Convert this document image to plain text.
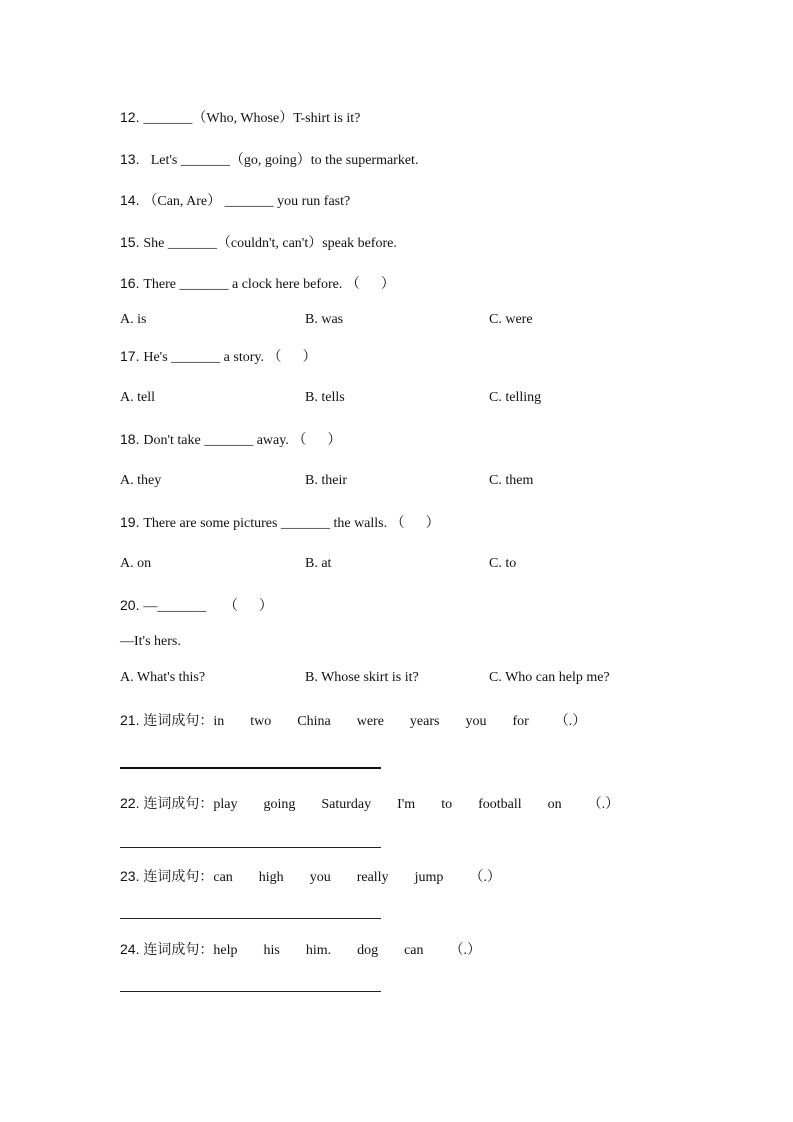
12. _______（Who, Whose）T-shirt is it?
13.   Let's _______（go, going）to the supermarket.
14. （Can, Are） _______ you run fast?
15. She _______（couldn't, can't）speak before.
16. There _______ a clock here before. （      ）
A. is	B. was	C. were
17. He's _______ a story. （      ）
A. tell	B. tells	C. telling
18. Don't take _______ away. （      ）
A. they	B. their	C. them
19. There are some pictures _______ the walls. （      ）
A. on	B. at	C. to
20. —_______     （      ）
—It's hers.
A. What's this?	B. Whose skirt is it?	C. Who can help me?
21. 连词成句：in two China were years you for （.）
22. 连词成句：play going Saturday I'm to football on （.）
23. 连词成句：can high you really jump （.）
24. 连词成句：help his him. dog can （.）
